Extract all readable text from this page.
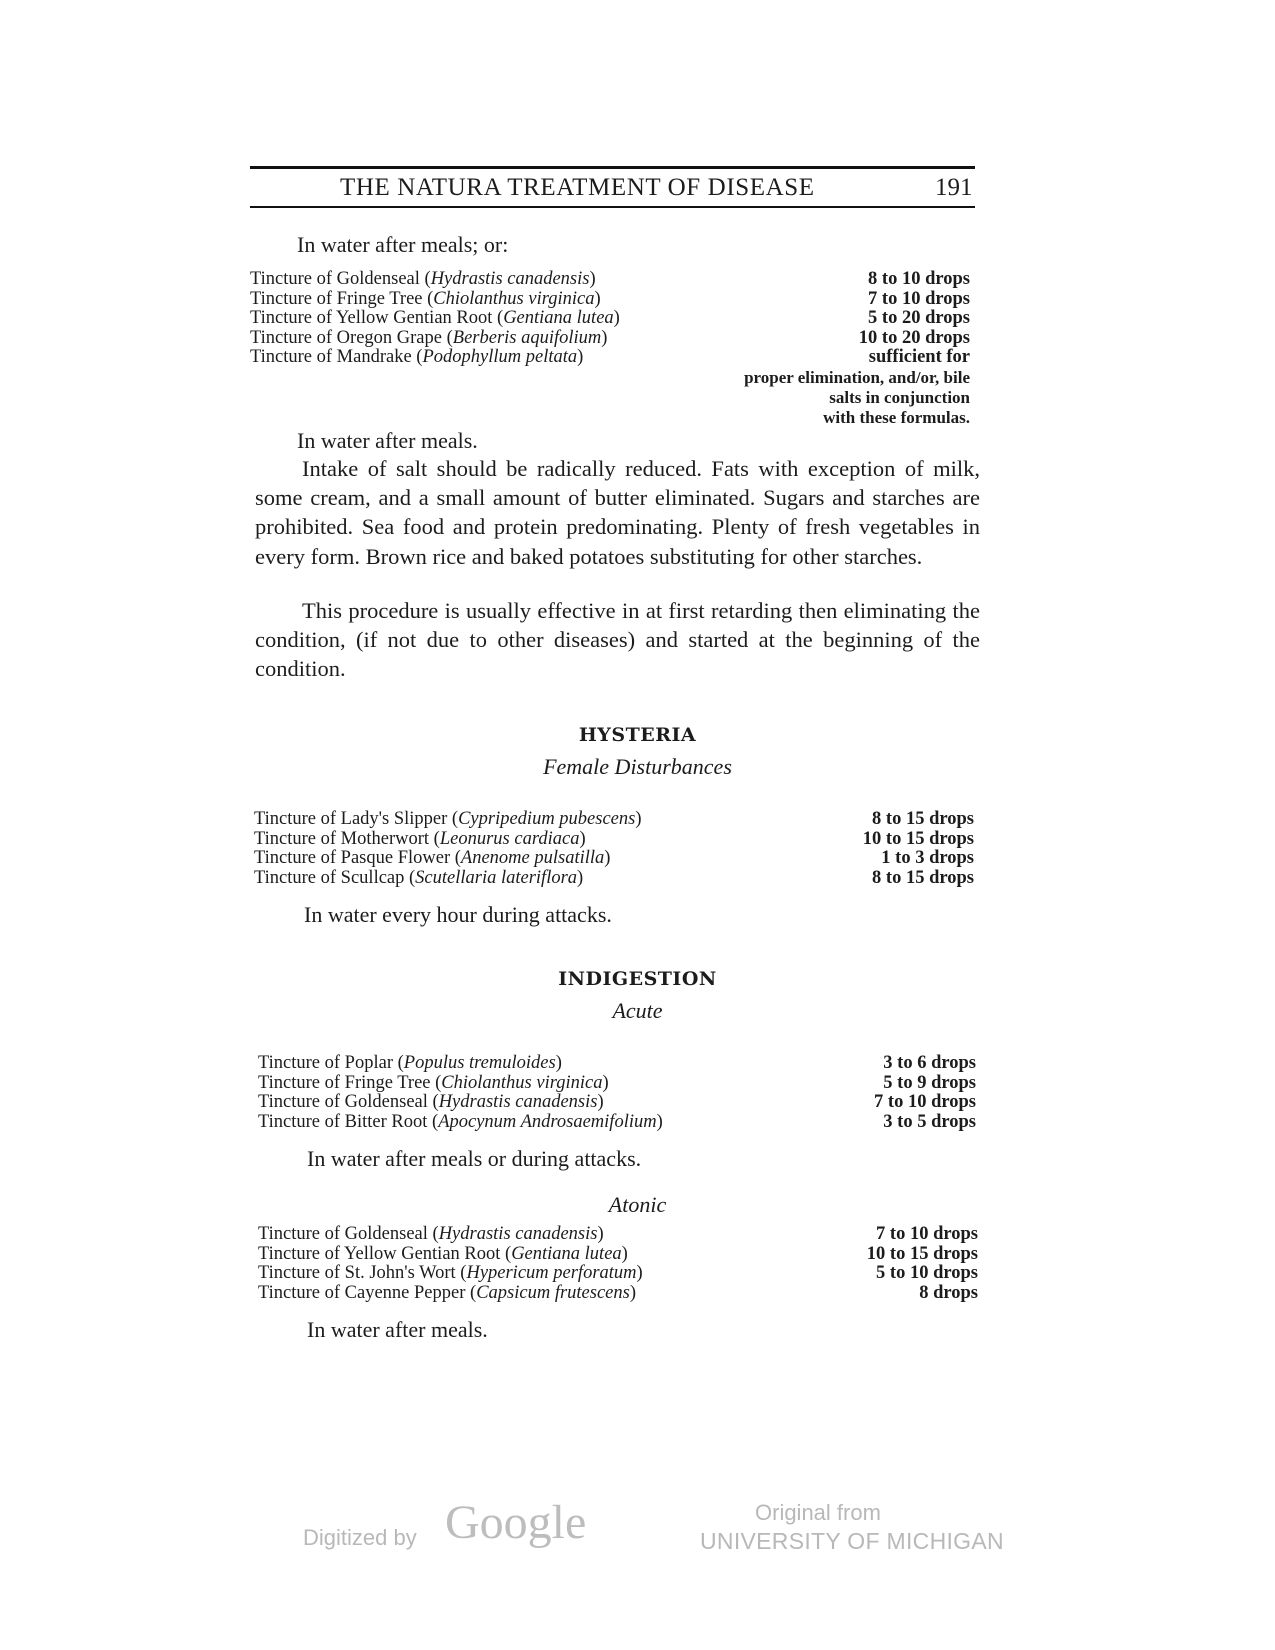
THE NATURA TREATMENT OF DISEASE	191
In water after meals; or:
Tincture of Goldenseal (Hydrastis canadensis)	8 to 10 drops
Tincture of Fringe Tree (Chiolanthus virginica)	7 to 10 drops
Tincture of Yellow Gentian Root (Gentiana lutea)	5 to 20 drops
Tincture of Oregon Grape (Berberis aquifolium)	10 to 20 drops
Tincture of Mandrake (Podophyllum peltata)	sufficient for
proper elimination, and/or, bile
salts in conjunction
with these formulas.
In water after meals.

Intake of salt should be radically reduced. Fats with exception of milk, some cream, and a small amount of butter eliminated. Sugars and starches are prohibited. Sea food and protein predominating. Plenty of fresh vegetables in every form. Brown rice and baked potatoes substituting for other starches.

This procedure is usually effective in at first retarding then eliminating the condition, (if not due to other diseases) and started at the beginning of the condition.

HYSTERIA
Female Disturbances
Tincture of Lady's Slipper (Cypripedium pubescens)	8 to 15 drops
Tincture of Motherwort (Leonurus cardiaca)	10 to 15 drops
Tincture of Pasque Flower (Anenome pulsatilla)	1 to 3 drops
Tincture of Scullcap (Scutellaria lateriflora)	8 to 15 drops
In water every hour during attacks.
INDIGESTION
Acute
Tincture of Poplar (Populus tremuloides)	3 to 6 drops
Tincture of Fringe Tree (Chiolanthus virginica)	5 to 9 drops
Tincture of Goldenseal (Hydrastis canadensis)	7 to 10 drops
Tincture of Bitter Root (Apocynum Androsaemifolium)	3 to 5 drops
In water after meals or during attacks.
Atonic
Tincture of Goldenseal (Hydrastis canadensis)	7 to 10 drops
Tincture of Yellow Gentian Root (Gentiana lutea)	10 to 15 drops
Tincture of St. John's Wort (Hypericum perforatum)	5 to 10 drops
Tincture of Cayenne Pepper (Capsicum frutescens)	8 drops
In water after meals.
Digitized by Google	Original from
UNIVERSITY OF MICHIGAN
